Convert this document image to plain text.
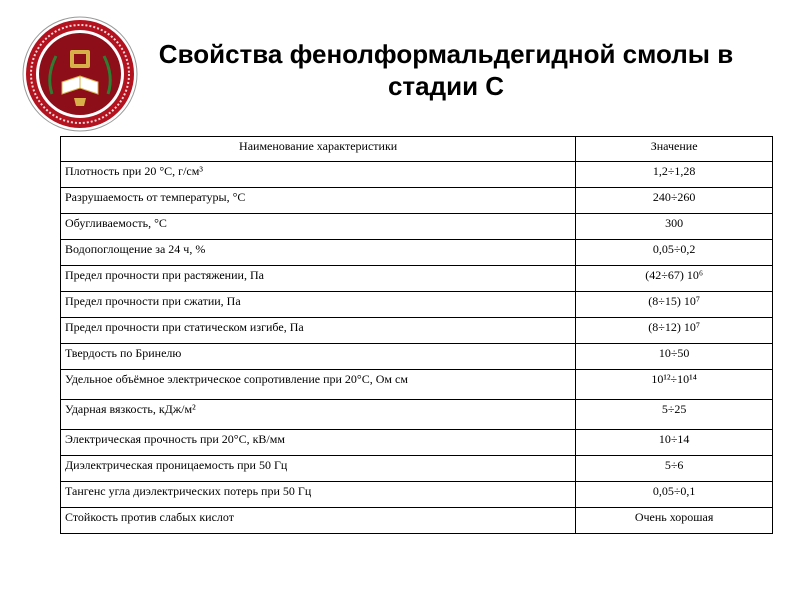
Свойства фенолформальдегидной смолы в
стадии С
Наименование характеристики	Значение
Плотность при 20 °С, г/см³	1,2÷1,28
Разрушаемость от температуры, °С	240÷260
Обугливаемость, °С	300
Водопоглощение за 24 ч, %	0,05÷0,2
Предел прочности при растяжении, Па	(42÷67) 10⁶
Предел прочности при сжатии, Па	(8÷15) 10⁷
Предел прочности при статическом изгибе, Па	(8÷12) 10⁷
Твердость по Бринелю	10÷50
Удельное объёмное электрическое сопротивление при 20°С, Ом см	10¹²÷10¹⁴
Ударная вязкость, кДж/м²	5÷25
Электрическая прочность при 20°С, кВ/мм	10÷14
Диэлектрическая проницаемость при 50 Гц	5÷6
Тангенс угла диэлектрических потерь при 50 Гц	0,05÷0,1
Стойкость против слабых кислот	Очень хорошая
